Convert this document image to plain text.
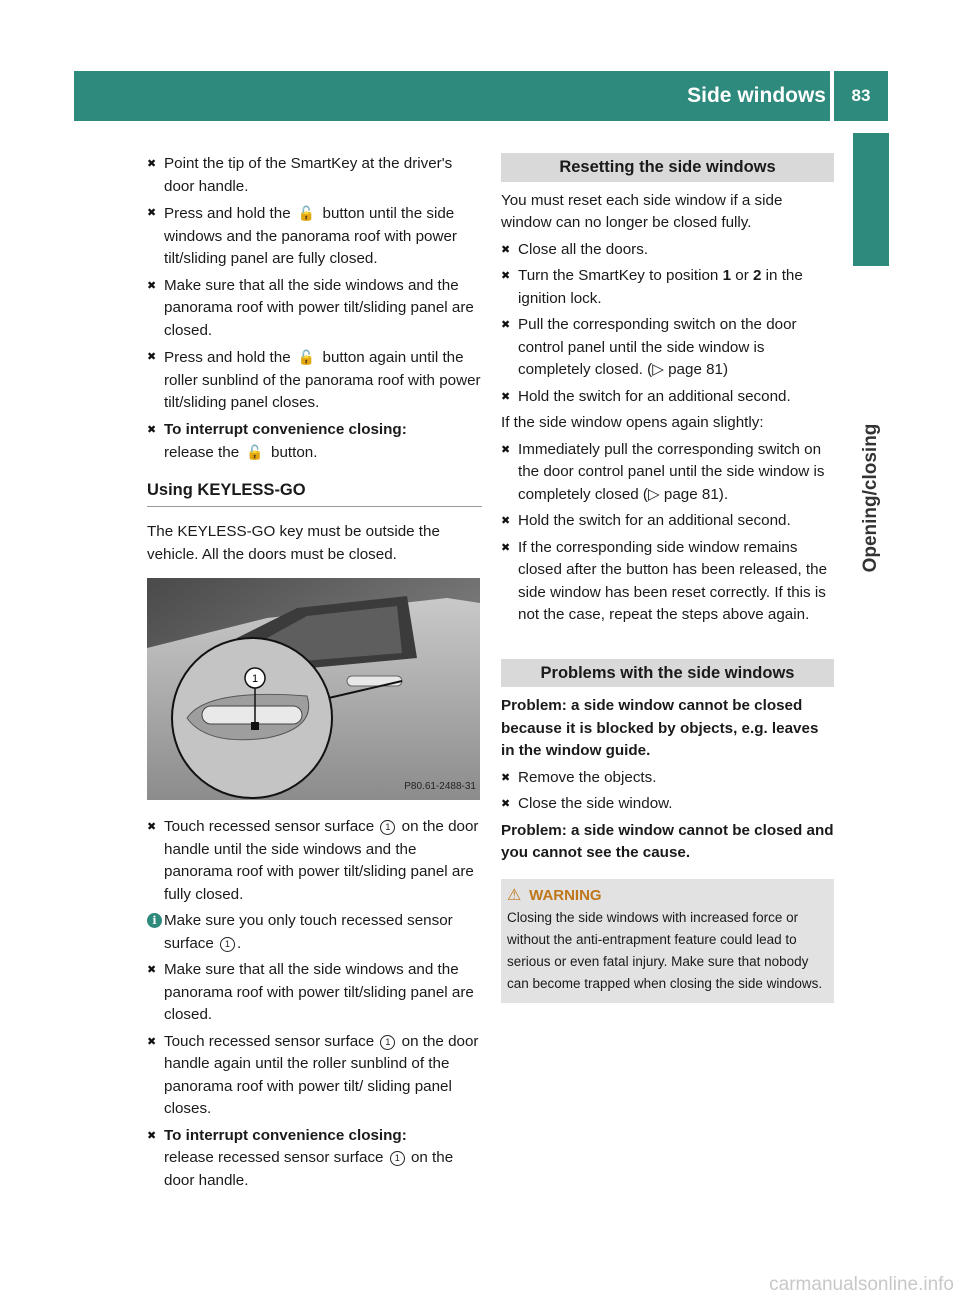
Side windows	83
Opening/closing
✖ Point the tip of the SmartKey at the driver's door handle.
✖ Press and hold the 🔓 button until the side windows and the panorama roof with power tilt/sliding panel are fully closed.
✖ Make sure that all the side windows and the panorama roof with power tilt/sliding panel are closed.
✖ Press and hold the 🔓 button again until the roller sunblind of the panorama roof with power tilt/sliding panel closes.
✖ To interrupt convenience closing:
release the 🔓 button.
Using KEYLESS-GO
The KEYLESS-GO key must be outside the vehicle. All the doors must be closed.
1
P80.61-2488-31
✖ Touch recessed sensor surface 1 on the door handle until the side windows and the panorama roof with power tilt/sliding panel are fully closed.
i Make sure you only touch recessed sensor surface 1 .
✖ Make sure that all the side windows and the panorama roof with power tilt/sliding panel are closed.
✖ Touch recessed sensor surface 1 on the door handle again until the roller sunblind of the panorama roof with power tilt/ sliding panel closes.
✖ To interrupt convenience closing:
release recessed sensor surface 1 on the door handle.
Resetting the side windows
You must reset each side window if a side window can no longer be closed fully.
✖ Close all the doors.
✖ Turn the SmartKey to position 1 or 2 in the ignition lock.
✖ Pull the corresponding switch on the door control panel until the side window is completely closed. (▷ page 81)
✖ Hold the switch for an additional second.
If the side window opens again slightly:
✖ Immediately pull the corresponding switch on the door control panel until the side window is completely closed (▷ page 81).
✖ Hold the switch for an additional second.
✖ If the corresponding side window remains closed after the button has been released, the side window has been reset correctly. If this is not the case, repeat the steps above again.
Problems with the side windows
Problem: a side window cannot be closed because it is blocked by objects, e.g. leaves in the window guide.
✖ Remove the objects.
✖ Close the side window.
Problem: a side window cannot be closed and you cannot see the cause.
⚠ WARNING
Closing the side windows with increased force or without the anti-entrapment feature could lead to serious or even fatal injury. Make sure that nobody can become trapped when closing the side windows.
carmanualsonline.info
